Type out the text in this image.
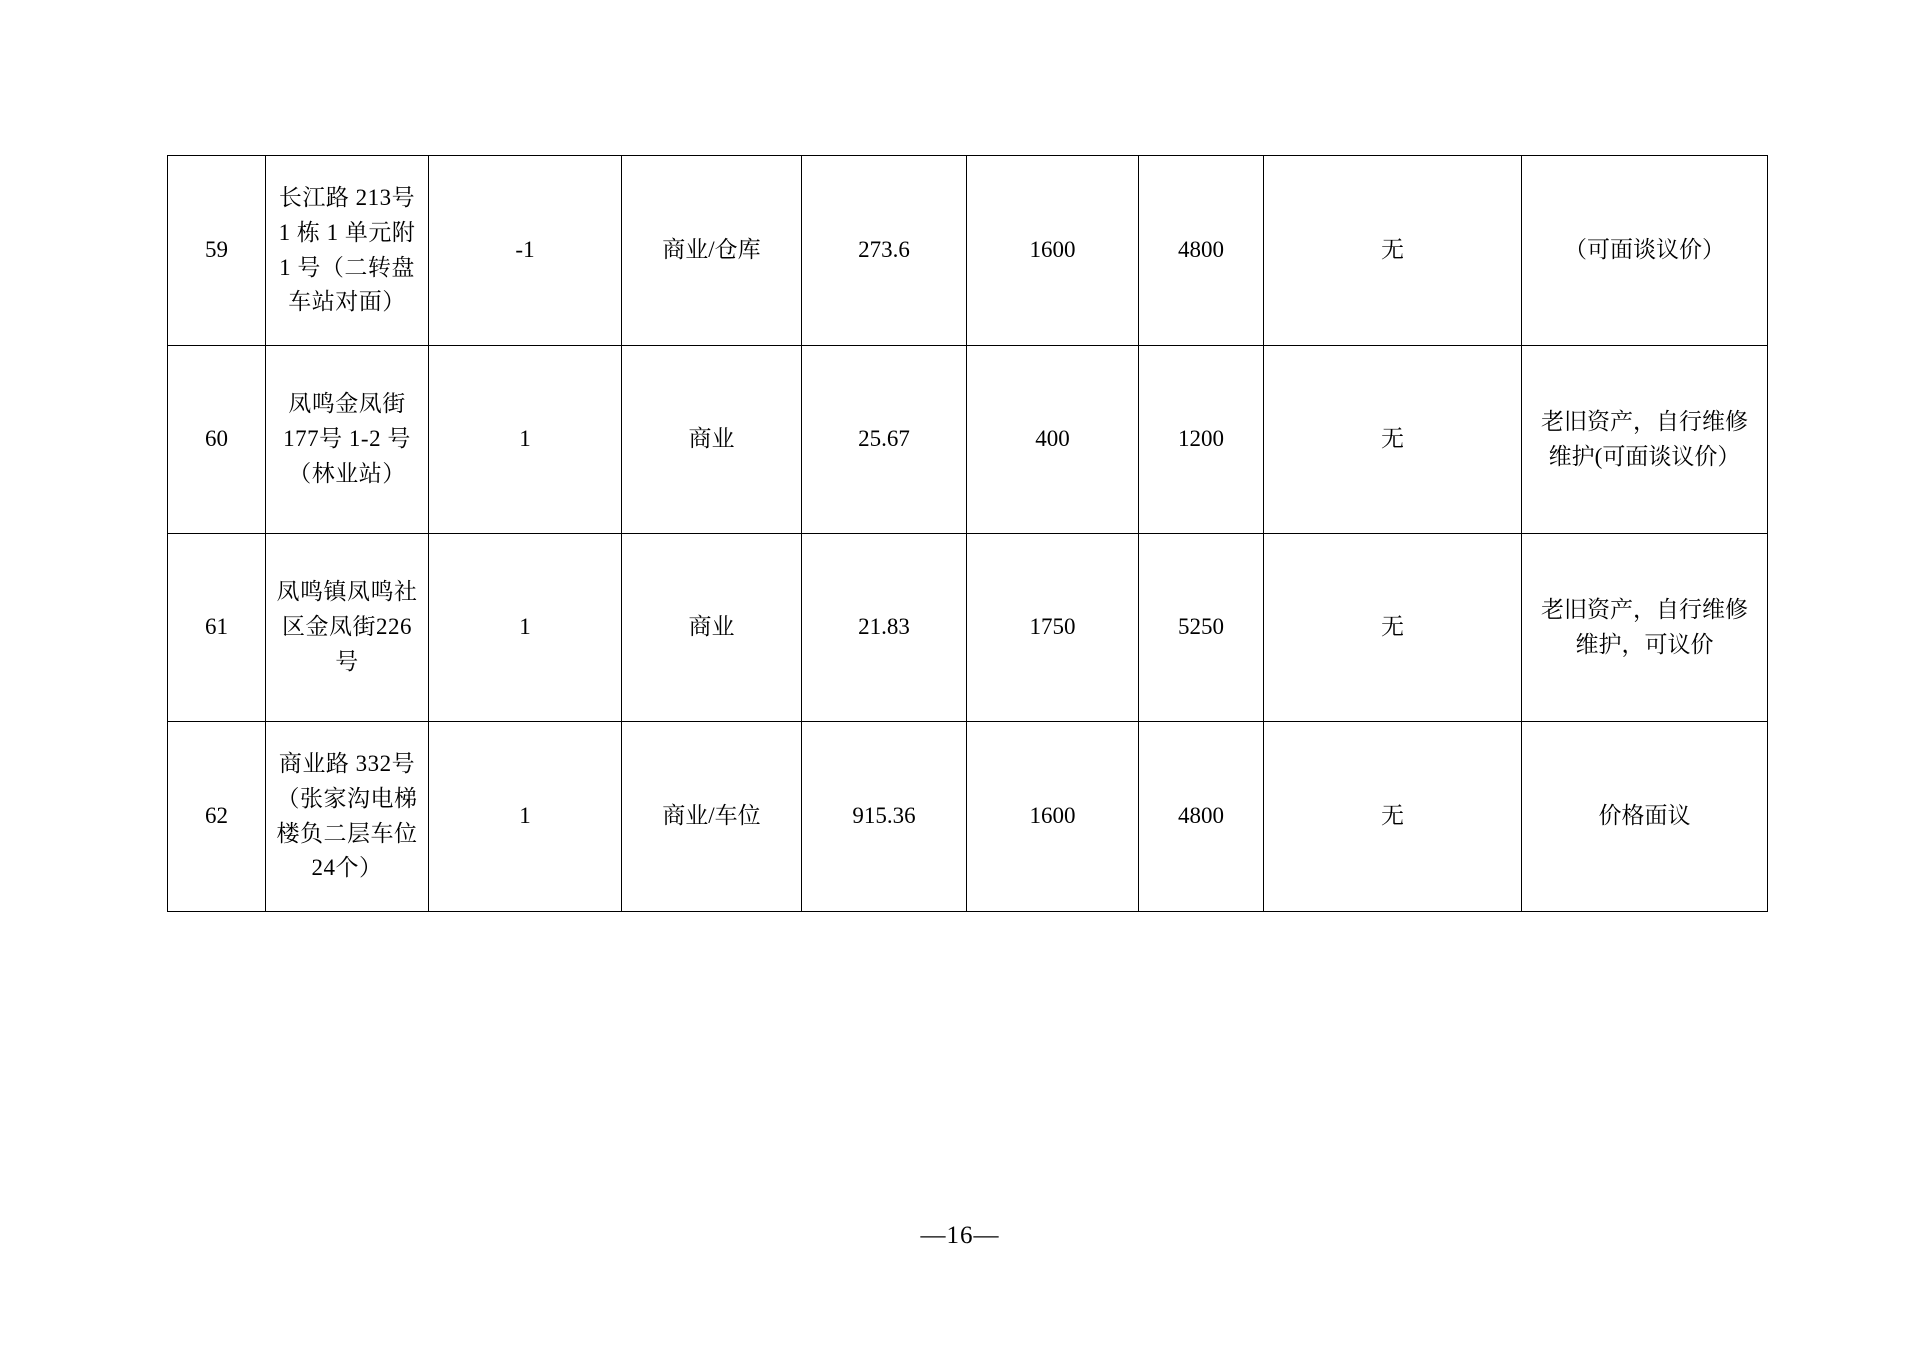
59	长江路 213号 1 栋 1 单元附 1 号（二转盘车站对面）	-1	商业/仓库	273.6	1600	4800	无	（可面谈议价）
60	凤鸣金凤街177号 1-2 号（林业站）	1	商业	25.67	400	1200	无	老旧资产，自行维修维护(可面谈议价）
61	凤鸣镇凤鸣社区金凤街226 号	1	商业	21.83	1750	5250	无	老旧资产，自行维修维护，可议价
62	商业路 332号（张家沟电梯楼负二层车位 24个）	1	商业/车位	915.36	1600	4800	无	价格面议
—16—
